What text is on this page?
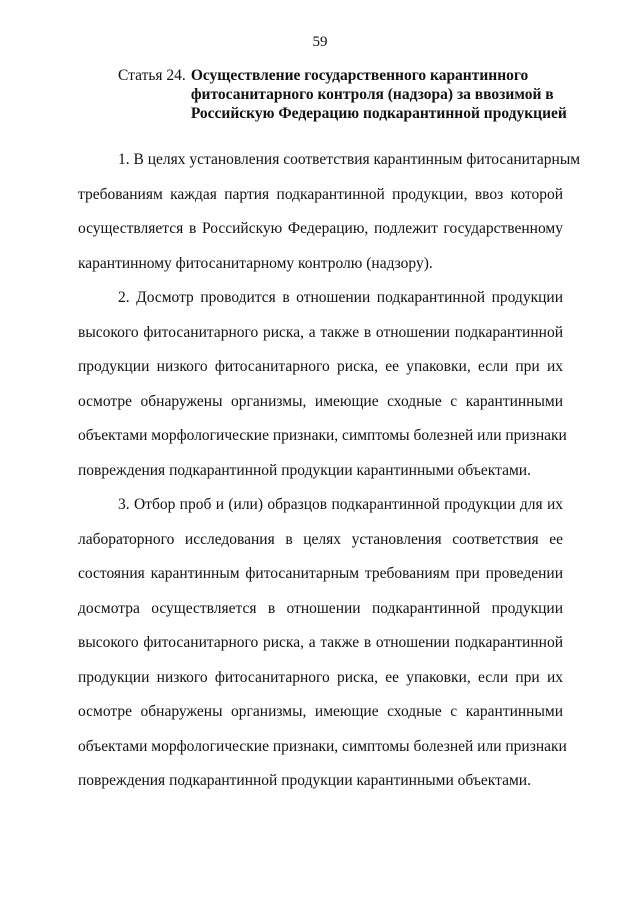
59
Статья 24. Осуществление государственного карантинного
фитосанитарного контроля (надзора) за ввозимой в
Российскую Федерацию подкарантинной продукцией
1. В целях установления соответствия карантинным фитосанитарным
требованиям каждая партия подкарантинной продукции, ввоз которой
осуществляется в Российскую Федерацию, подлежит государственному
карантинному фитосанитарному контролю (надзору).
2. Досмотр проводится в отношении подкарантинной продукции
высокого фитосанитарного риска, а также в отношении подкарантинной
продукции низкого фитосанитарного риска, ее упаковки, если при их
осмотре обнаружены организмы, имеющие сходные с карантинными
объектами морфологические признаки, симптомы болезней или признаки
повреждения подкарантинной продукции карантинными объектами.
3. Отбор проб и (или) образцов подкарантинной продукции для их
лабораторного исследования в целях установления соответствия ее
состояния карантинным фитосанитарным требованиям при проведении
досмотра осуществляется в отношении подкарантинной продукции
высокого фитосанитарного риска, а также в отношении подкарантинной
продукции низкого фитосанитарного риска, ее упаковки, если при их
осмотре обнаружены организмы, имеющие сходные с карантинными
объектами морфологические признаки, симптомы болезней или признаки
повреждения подкарантинной продукции карантинными объектами.
